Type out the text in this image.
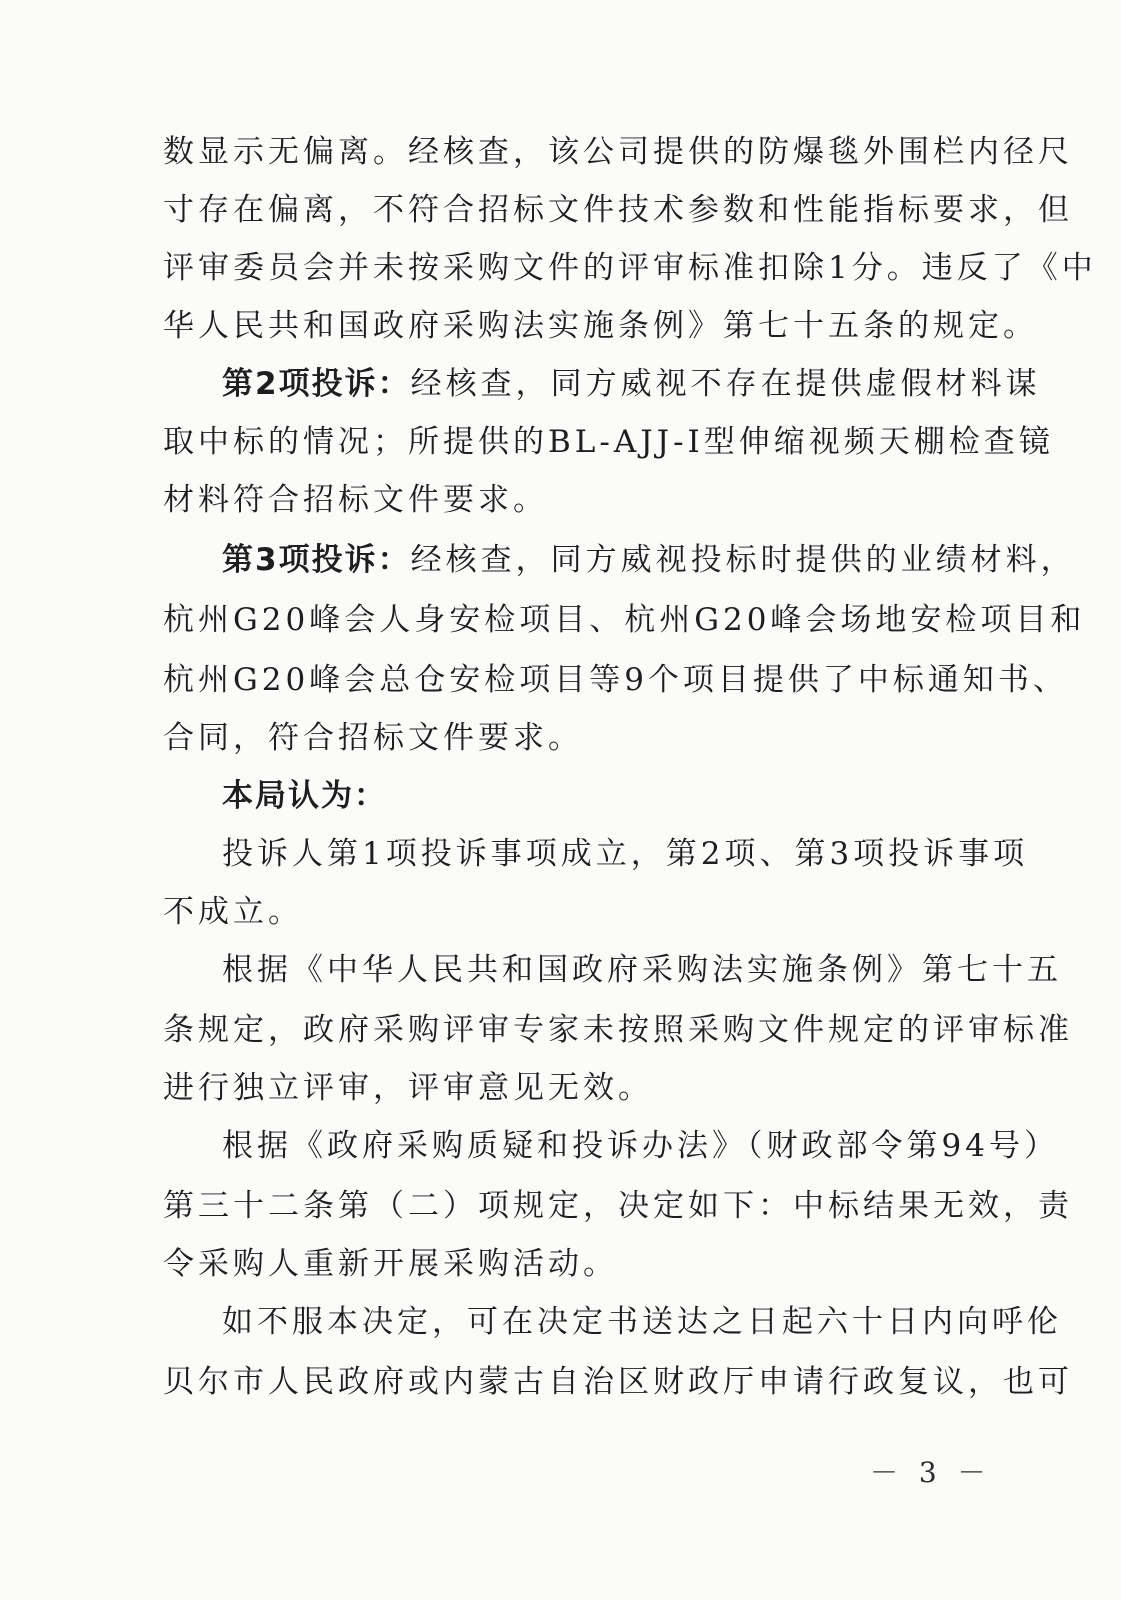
数显示无偏离。经核查，该公司提供的防爆毯外围栏内径尺
寸存在偏离，不符合招标文件技术参数和性能指标要求，但
评审委员会并未按采购文件的评审标准扣除1分。违反了《中
华人民共和国政府采购法实施条例》第七十五条的规定。
第2项投诉：经核查，同方威视不存在提供虚假材料谋
取中标的情况；所提供的BL-AJJ-Ⅰ型伸缩视频天棚检查镜
材料符合招标文件要求。
第3项投诉：经核查，同方威视投标时提供的业绩材料，
杭州G20峰会人身安检项目、杭州G20峰会场地安检项目和
杭州G20峰会总仓安检项目等9个项目提供了中标通知书、
合同，符合招标文件要求。
本局认为：
投诉人第1项投诉事项成立，第2项、第3项投诉事项
不成立。
根据《中华人民共和国政府采购法实施条例》第七十五
条规定，政府采购评审专家未按照采购文件规定的评审标准
进行独立评审，评审意见无效。
根据《政府采购质疑和投诉办法》（财政部令第94号）
第三十二条第（二）项规定，决定如下：中标结果无效，责
令采购人重新开展采购活动。
如不服本决定，可在决定书送达之日起六十日内向呼伦
贝尔市人民政府或内蒙古自治区财政厅申请行政复议，也可
－ 3 －
